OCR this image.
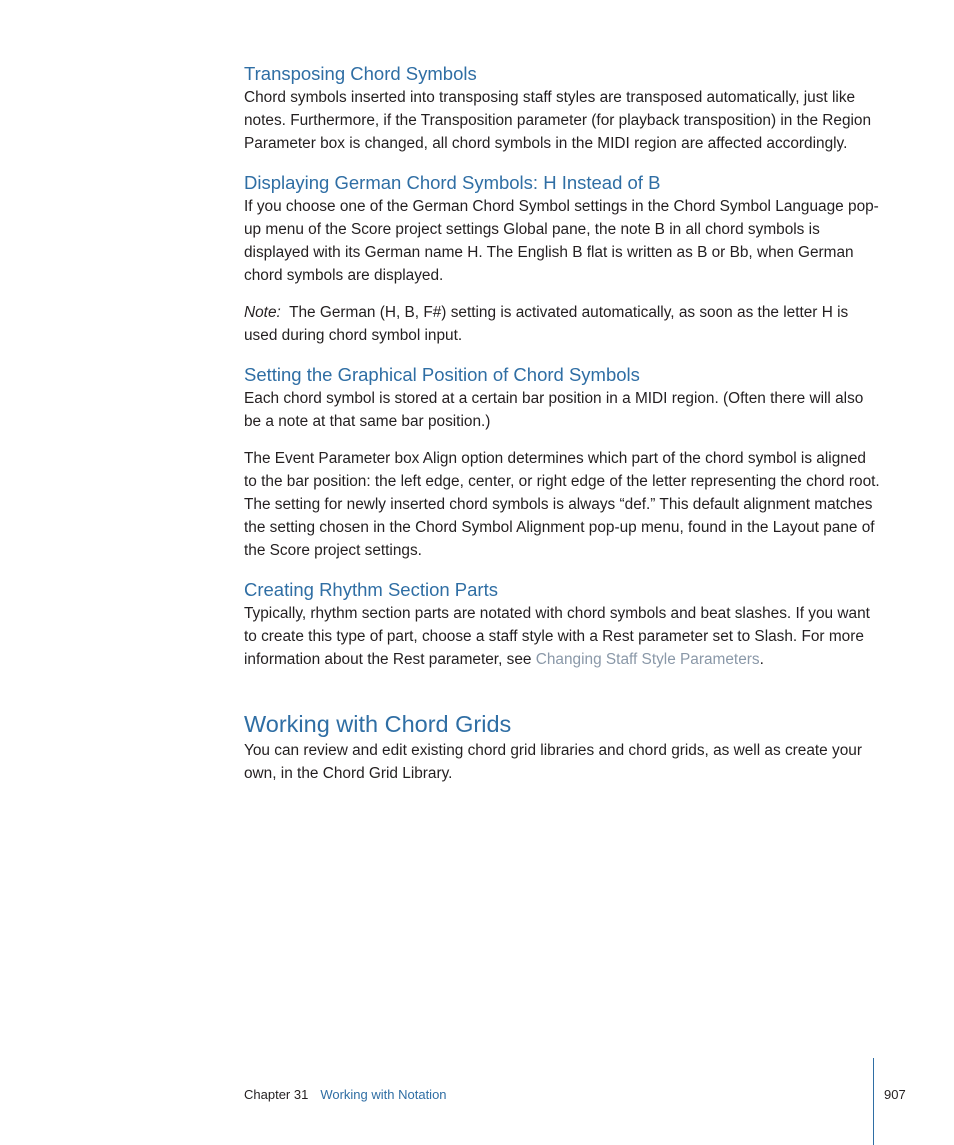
Transposing Chord Symbols

Chord symbols inserted into transposing staff styles are transposed automatically, just like notes. Furthermore, if the Transposition parameter (for playback transposition) in the Region Parameter box is changed, all chord symbols in the MIDI region are affected accordingly.

Displaying German Chord Symbols: H Instead of B

If you choose one of the German Chord Symbol settings in the Chord Symbol Language pop-up menu of the Score project settings Global pane, the note B in all chord symbols is displayed with its German name H. The English B flat is written as B or Bb, when German chord symbols are displayed.

Note:  The German (H, B, F#) setting is activated automatically, as soon as the letter H is used during chord symbol input.

Setting the Graphical Position of Chord Symbols

Each chord symbol is stored at a certain bar position in a MIDI region. (Often there will also be a note at that same bar position.)

The Event Parameter box Align option determines which part of the chord symbol is aligned to the bar position: the left edge, center, or right edge of the letter representing the chord root. The setting for newly inserted chord symbols is always “def.” This default alignment matches the setting chosen in the Chord Symbol Alignment pop-up menu, found in the Layout pane of the Score project settings.

Creating Rhythm Section Parts

Typically, rhythm section parts are notated with chord symbols and beat slashes. If you want to create this type of part, choose a staff style with a Rest parameter set to Slash. For more information about the Rest parameter, see Changing Staff Style Parameters.

Working with Chord Grids

You can review and edit existing chord grid libraries and chord grids, as well as create your own, in the Chord Grid Library.

Chapter 31 Working with Notation	907
